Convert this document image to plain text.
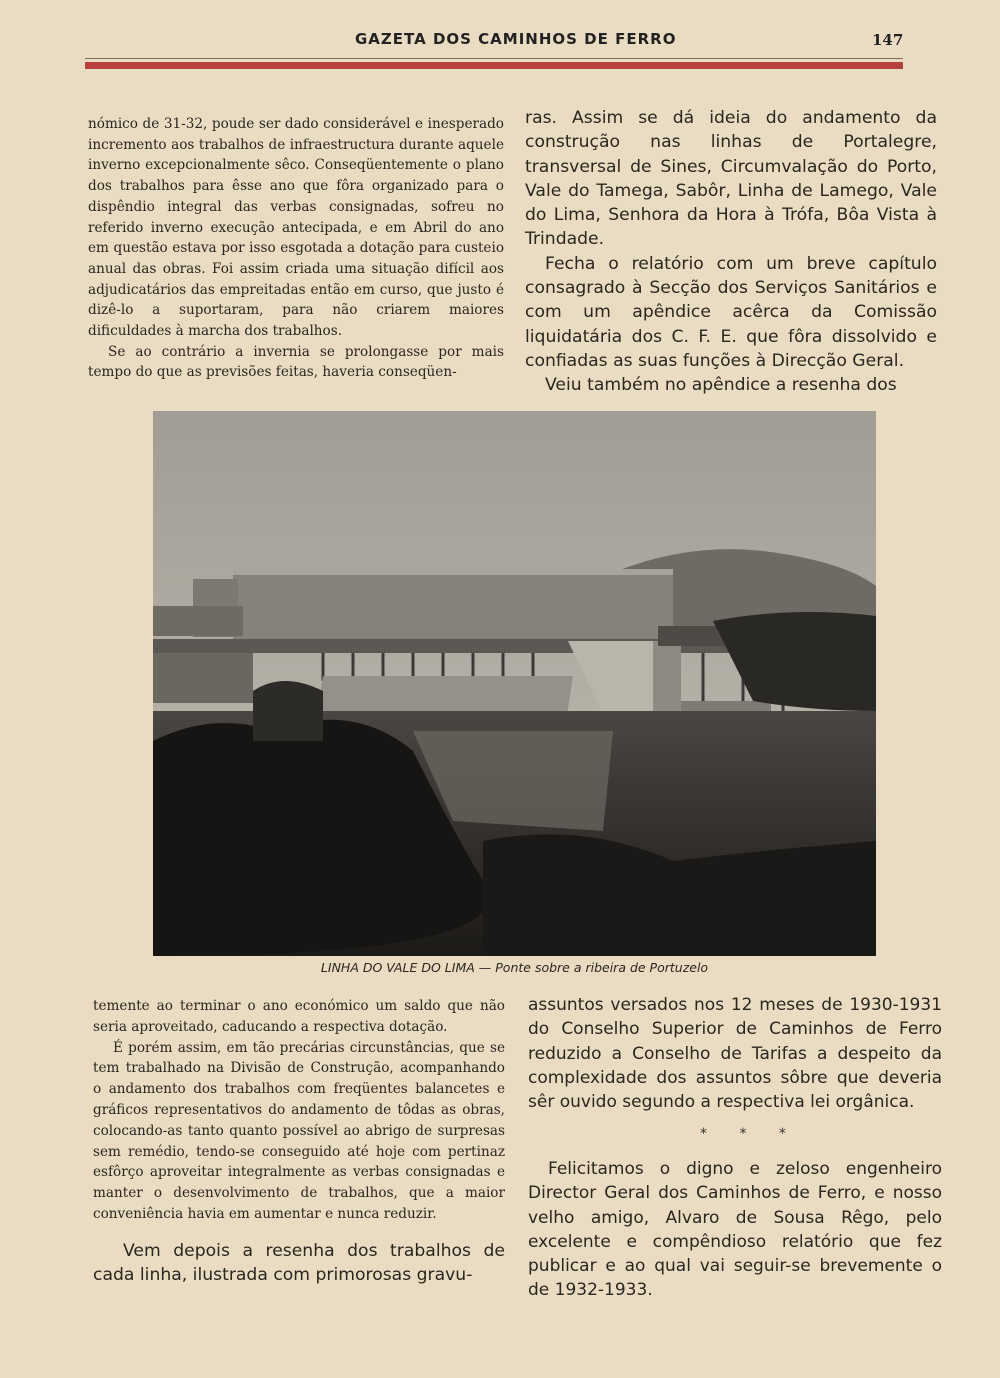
GAZETA DOS CAMINHOS DE FERRO	147

nómico de 31-32, poude ser dado considerável e inesperado incremento aos trabalhos de infraestructura durante aquele inverno excepcionalmente sêco. Conseqüentemente o plano dos trabalhos para êsse ano que fôra organizado para o dispêndio integral das verbas consignadas, sofreu no referido inverno execução antecipada, e em Abril do ano em questão estava por isso esgotada a dotação para custeio anual das obras. Foi assim criada uma situação difícil aos adjudicatários das empreitadas então em curso, que justo é dizê-lo a suportaram, para não criarem maiores dificuldades à marcha dos trabalhos.

Se ao contrário a invernia se prolongasse por mais tempo do que as previsões feitas, haveria conseqüen-

ras. Assim se dá ideia do andamento da construção nas linhas de Portalegre, transversal de Sines, Circumvalação do Porto, Vale do Tamega, Sabôr, Linha de Lamego, Vale do Lima, Senhora da Hora à Trófa, Bôa Vista à Trindade.

Fecha o relatório com um breve capítulo consagrado à Secção dos Serviços Sanitários e com um apêndice acêrca da Comissão liquidatária dos C. F. E. que fôra dissolvido e confiadas as suas funções à Direcção Geral.

Veiu também no apêndice a resenha dos

LINHA DO VALE DO LIMA — Ponte sobre a ribeira de Portuzelo

temente ao terminar o ano económico um saldo que não seria aproveitado, caducando a respectiva dotação.

É porém assim, em tão precárias circunstâncias, que se tem trabalhado na Divisão de Construção, acompanhando o andamento dos trabalhos com freqüentes balancetes e gráficos representativos do andamento de tôdas as obras, colocando-as tanto quanto possível ao abrigo de surpresas sem remédio, tendo-se conseguido até hoje com pertinaz esfôrço aproveitar integralmente as verbas consignadas e manter o desenvolvimento de trabalhos, que a maior conveniência havia em aumentar e nunca reduzir.

Vem depois a resenha dos trabalhos de cada linha, ilustrada com primorosas gravu-

assuntos versados nos 12 meses de 1930-1931 do Conselho Superior de Caminhos de Ferro reduzido a Conselho de Tarifas a despeito da complexidade dos assuntos sôbre que deveria sêr ouvido segundo a respectiva lei orgânica.

* * *

Felicitamos o digno e zeloso engenheiro Director Geral dos Caminhos de Ferro, e nosso velho amigo, Alvaro de Sousa Rêgo, pelo excelente e compêndioso relatório que fez publicar e ao qual vai seguir-se brevemente o de 1932-1933.
